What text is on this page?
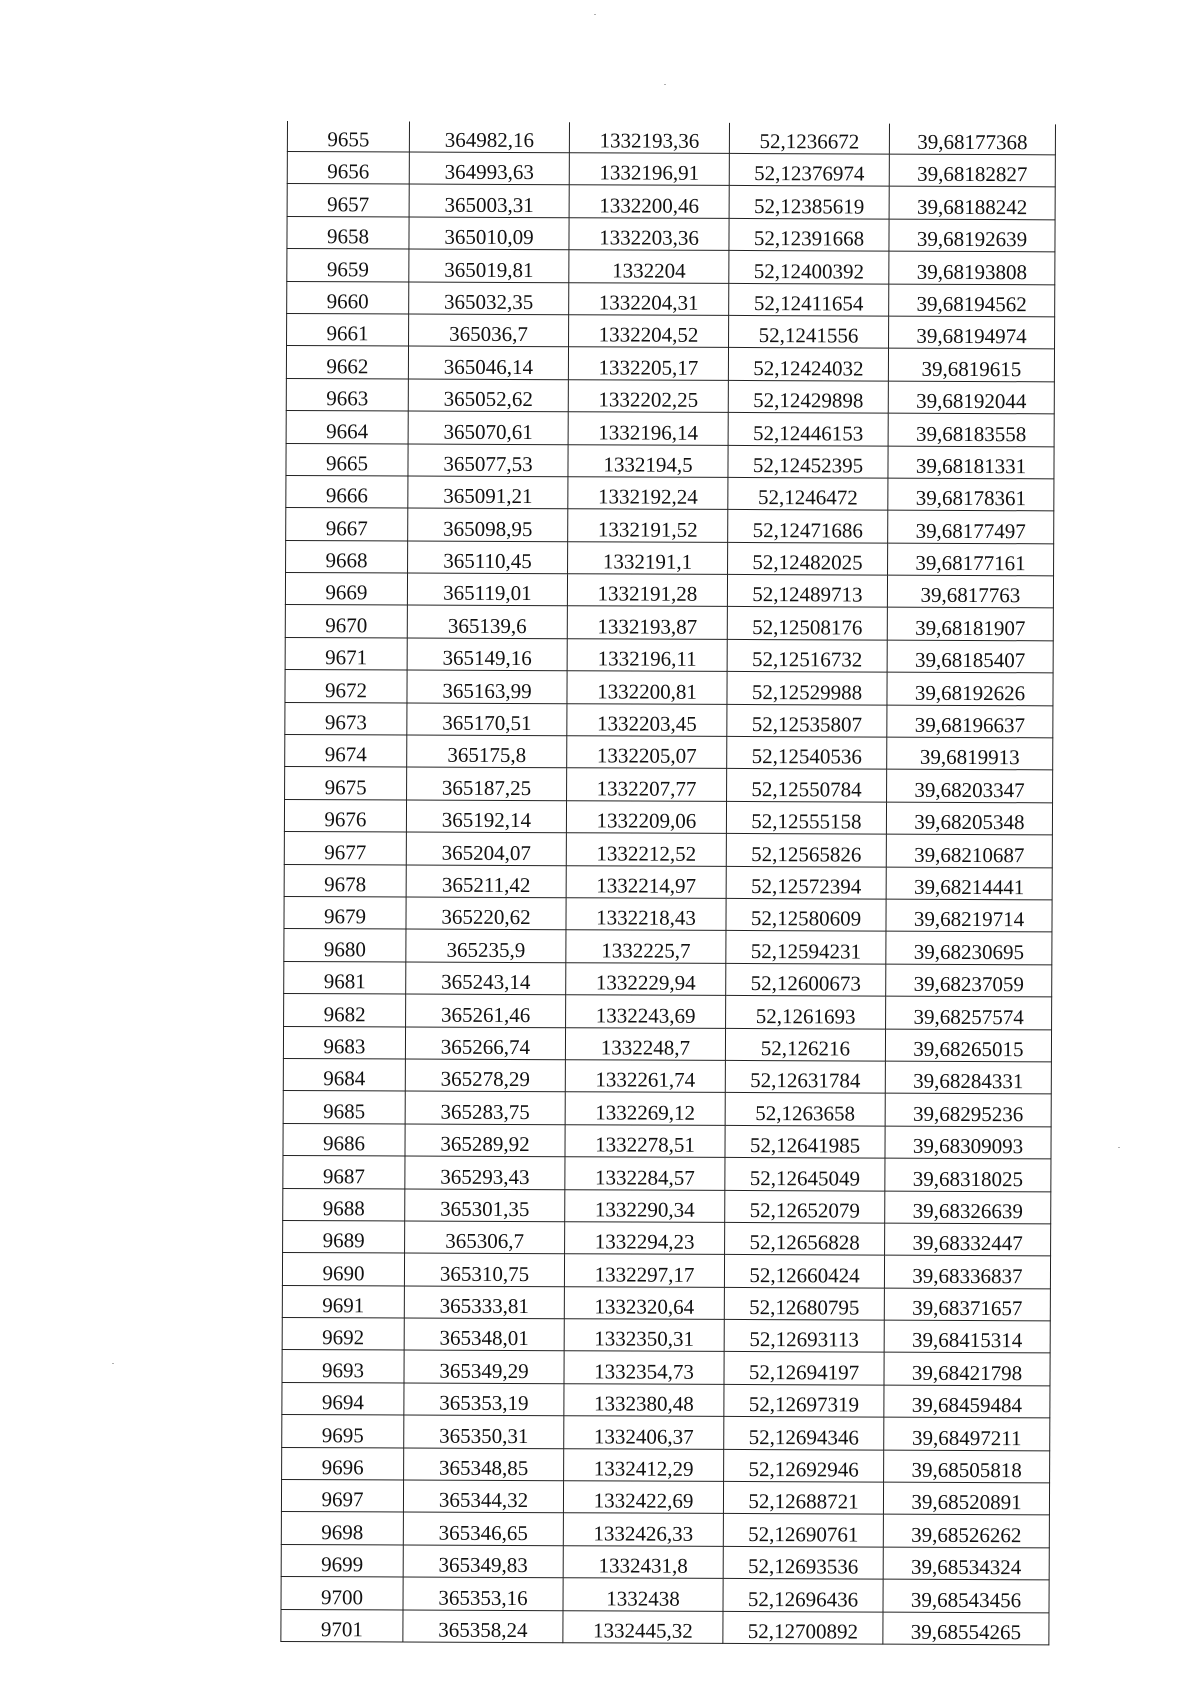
9655	364982,16	1332193,36	52,1236672	39,68177368
9656	364993,63	1332196,91	52,12376974	39,68182827
9657	365003,31	1332200,46	52,12385619	39,68188242
9658	365010,09	1332203,36	52,12391668	39,68192639
9659	365019,81	1332204	52,12400392	39,68193808
9660	365032,35	1332204,31	52,12411654	39,68194562
9661	365036,7	1332204,52	52,1241556	39,68194974
9662	365046,14	1332205,17	52,12424032	39,6819615
9663	365052,62	1332202,25	52,12429898	39,68192044
9664	365070,61	1332196,14	52,12446153	39,68183558
9665	365077,53	1332194,5	52,12452395	39,68181331
9666	365091,21	1332192,24	52,1246472	39,68178361
9667	365098,95	1332191,52	52,12471686	39,68177497
9668	365110,45	1332191,1	52,12482025	39,68177161
9669	365119,01	1332191,28	52,12489713	39,6817763
9670	365139,6	1332193,87	52,12508176	39,68181907
9671	365149,16	1332196,11	52,12516732	39,68185407
9672	365163,99	1332200,81	52,12529988	39,68192626
9673	365170,51	1332203,45	52,12535807	39,68196637
9674	365175,8	1332205,07	52,12540536	39,6819913
9675	365187,25	1332207,77	52,12550784	39,68203347
9676	365192,14	1332209,06	52,12555158	39,68205348
9677	365204,07	1332212,52	52,12565826	39,68210687
9678	365211,42	1332214,97	52,12572394	39,68214441
9679	365220,62	1332218,43	52,12580609	39,68219714
9680	365235,9	1332225,7	52,12594231	39,68230695
9681	365243,14	1332229,94	52,12600673	39,68237059
9682	365261,46	1332243,69	52,1261693	39,68257574
9683	365266,74	1332248,7	52,126216	39,68265015
9684	365278,29	1332261,74	52,12631784	39,68284331
9685	365283,75	1332269,12	52,1263658	39,68295236
9686	365289,92	1332278,51	52,12641985	39,68309093
9687	365293,43	1332284,57	52,12645049	39,68318025
9688	365301,35	1332290,34	52,12652079	39,68326639
9689	365306,7	1332294,23	52,12656828	39,68332447
9690	365310,75	1332297,17	52,12660424	39,68336837
9691	365333,81	1332320,64	52,12680795	39,68371657
9692	365348,01	1332350,31	52,12693113	39,68415314
9693	365349,29	1332354,73	52,12694197	39,68421798
9694	365353,19	1332380,48	52,12697319	39,68459484
9695	365350,31	1332406,37	52,12694346	39,68497211
9696	365348,85	1332412,29	52,12692946	39,68505818
9697	365344,32	1332422,69	52,12688721	39,68520891
9698	365346,65	1332426,33	52,12690761	39,68526262
9699	365349,83	1332431,8	52,12693536	39,68534324
9700	365353,16	1332438	52,12696436	39,68543456
9701	365358,24	1332445,32	52,12700892	39,68554265
